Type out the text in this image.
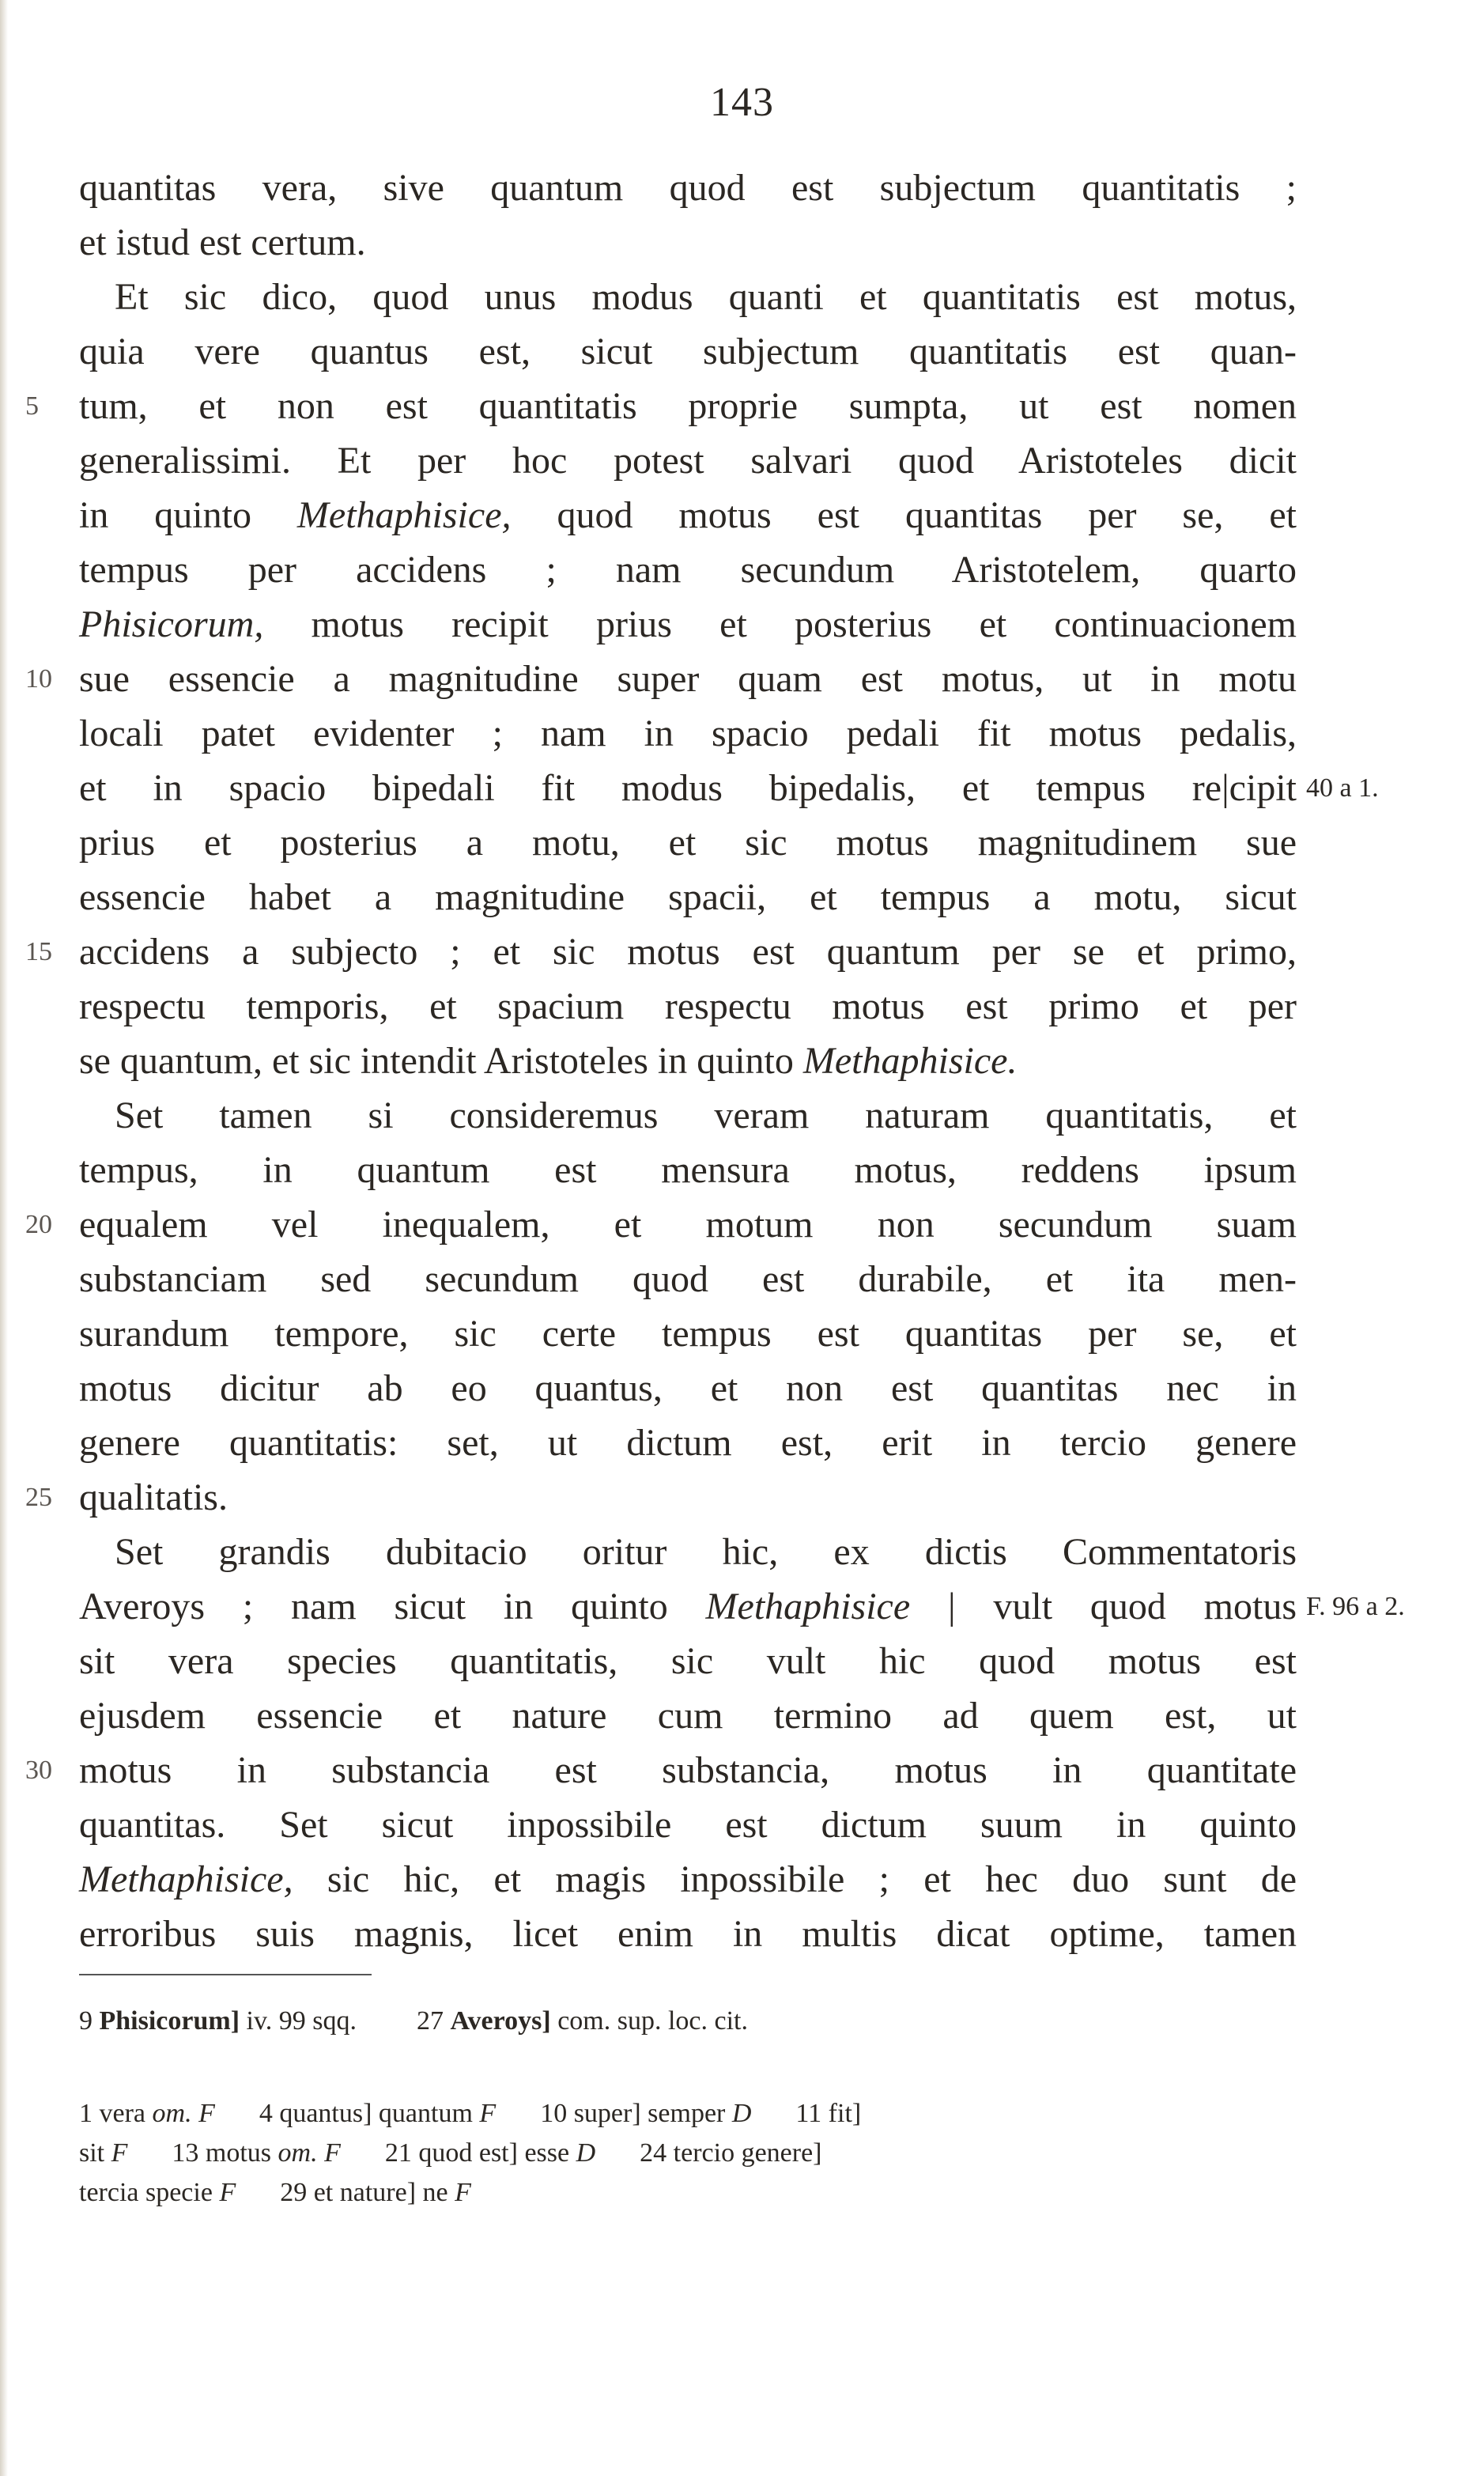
143
quantitas vera, sive quantum quod est subjectum quantitatis ;
et istud est certum.
Et sic dico, quod unus modus quanti et quantitatis est motus,
quia vere quantus est, sicut subjectum quantitatis est quan-
5	tum, et non est quantitatis proprie sumpta, ut est nomen
generalissimi. Et per hoc potest salvari quod Aristoteles dicit
in quinto Methaphisice, quod motus est quantitas per se, et
tempus per accidens ; nam secundum Aristotelem, quarto
Phisicorum, motus recipit prius et posterius et continuacionem
10 sue essencie a magnitudine super quam est motus, ut in motu
locali patet evidenter ; nam in spacio pedali fit motus pedalis,
et in spacio bipedali fit modus bipedalis, et tempus re|cipit 40 a 1.
prius et posterius a motu, et sic motus magnitudinem sue
essencie habet a magnitudine spacii, et tempus a motu, sicut
15 accidens a subjecto ; et sic motus est quantum per se et primo,
respectu temporis, et spacium respectu motus est primo et per
se quantum, et sic intendit Aristoteles in quinto Methaphisice.
Set tamen si consideremus veram naturam quantitatis, et
tempus, in quantum est mensura motus, reddens ipsum
20 equalem vel inequalem, et motum non secundum suam
substanciam sed secundum quod est durabile, et ita men-
surandum tempore, sic certe tempus est quantitas per se, et
motus dicitur ab eo quantus, et non est quantitas nec in
genere quantitatis: set, ut dictum est, erit in tercio genere
25 qualitatis.
Set grandis dubitacio oritur hic, ex dictis Commentatoris
Averoys ; nam sicut in quinto Methaphisice | vult quod motus F. 96 a 2.
sit vera species quantitatis, sic vult hic quod motus est
ejusdem essencie et nature cum termino ad quem est, ut
30 motus in substancia est substancia, motus in quantitate
quantitas. Set sicut inpossibile est dictum suum in quinto
Methaphisice, sic hic, et magis inpossibile ; et hec duo sunt de
erroribus suis magnis, licet enim in multis dicat optime, tamen
9 Phisicorum] iv. 99 sqq. 27 Averoys] com. sup. loc. cit.
1 vera om. F 4 quantus] quantum F 10 super] semper D 11 fit]
sit F 13 motus om. F 21 quod est] esse D 24 tercio genere]
tercia specie F 29 et nature] ne F
